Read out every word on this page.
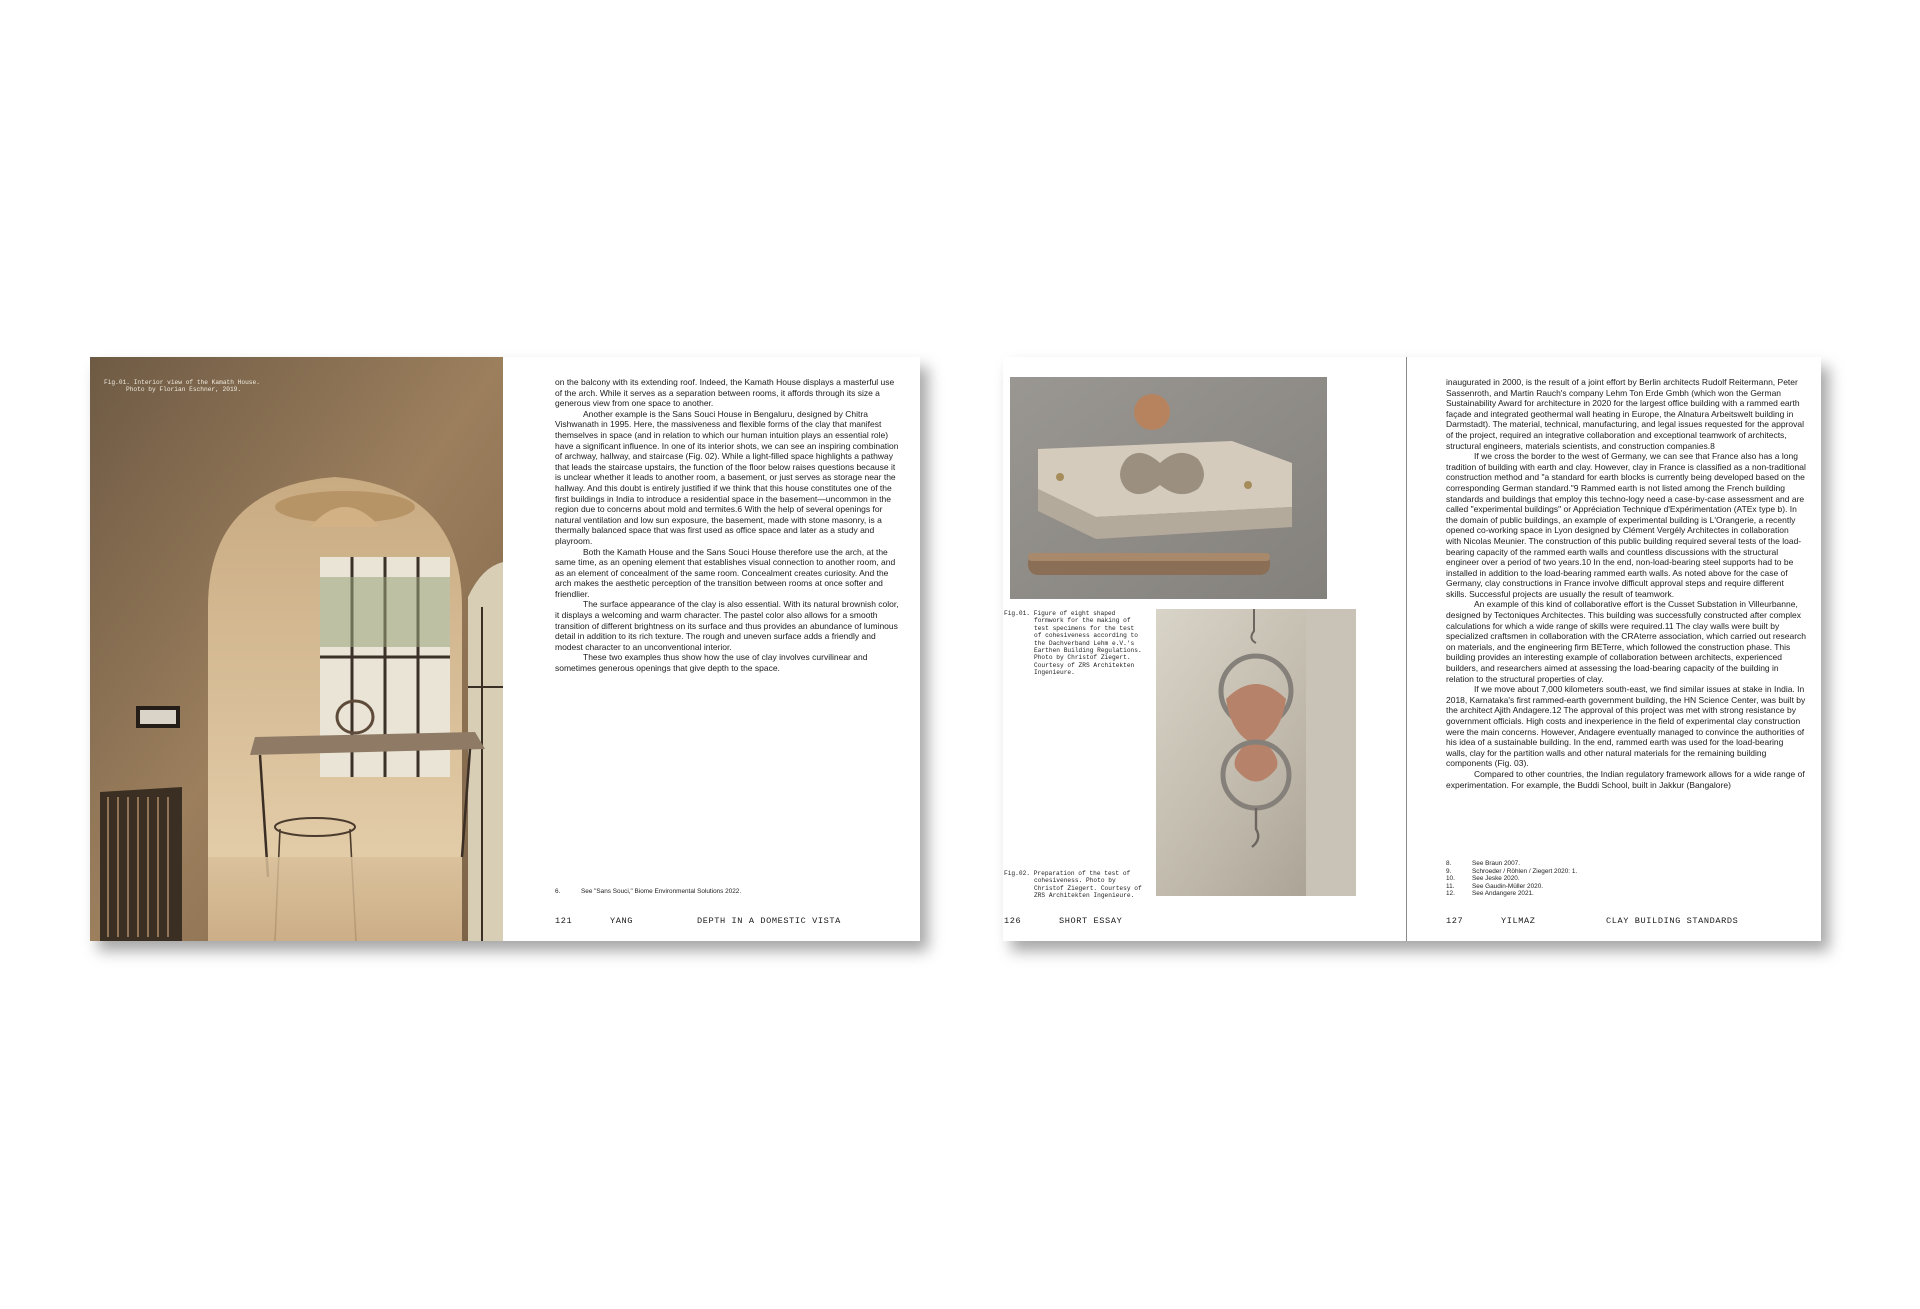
Fig.01. Interior view of the Kamath House.
Photo by Florian Eschner, 2019.

on the balcony with its extending roof. Indeed, the Kamath House displays a masterful use of the arch. While it serves as a separation between rooms, it affords through its size a generous view from one space to another.

Another example is the Sans Souci House in Bengaluru, designed by Chitra Vishwanath in 1995. Here, the massiveness and flexible forms of the clay that manifest themselves in space (and in relation to which our human intuition plays an essential role) have a significant influence. In one of its interior shots, we can see an inspiring combination of archway, hallway, and staircase (Fig. 02). While a light-filled space highlights a pathway that leads the staircase upstairs, the function of the floor below raises questions because it is unclear whether it leads to another room, a basement, or just serves as storage near the hallway. And this doubt is entirely justified if we think that this house constitutes one of the first buildings in India to introduce a residential space in the basement—uncommon in the region due to concerns about mold and termites.6 With the help of several openings for natural ventilation and low sun exposure, the basement, made with stone masonry, is a thermally balanced space that was first used as office space and later as a study and playroom.

Both the Kamath House and the Sans Souci House therefore use the arch, at the same time, as an opening element that establishes visual connection to another room, and as an element of concealment of the same room. Concealment creates curiosity. And the arch makes the aesthetic perception of the transition between rooms at once softer and friendlier.

The surface appearance of the clay is also essential. With its natural brownish color, it displays a welcoming and warm character. The pastel color also allows for a smooth transition of different brightness on its surface and thus provides an abundance of luminous detail in addition to its rich texture. The rough and uneven surface adds a friendly and modest character to an unconventional interior.

These two examples thus show how the use of clay involves curvilinear and sometimes generous openings that give depth to the space.

6.	See "Sans Souci," Biome Environmental Solutions 2022.
121	YANG	DEPTH IN A DOMESTIC VISTA
Fig.01. Figure of eight shaped
formwork for the making of
test specimens for the test
of cohesiveness according to
the Dachverband Lehm e.V.'s
Earthen Building Regulations.
Photo by Christof Ziegert.
Courtesy of ZRS Architekten
Ingenieure.
Fig.02. Preparation of the test of
cohesiveness. Photo by
Christof Ziegert. Courtesy of
ZRS Architekten Ingenieure.
126	SHORT ESSAY

inaugurated in 2000, is the result of a joint effort by Berlin architects Rudolf Reitermann, Peter Sassenroth, and Martin Rauch's company Lehm Ton Erde Gmbh (which won the German Sustainability Award for architecture in 2020 for the largest office building with a rammed earth façade and integrated geothermal wall heating in Europe, the Alnatura Arbeitswelt building in Darmstadt). The material, technical, manufacturing, and legal issues requested for the approval of the project, required an integrative collaboration and exceptional teamwork of architects, structural engineers, materials scientists, and construction companies.8

If we cross the border to the west of Germany, we can see that France also has a long tradition of building with earth and clay. However, clay in France is classified as a non-traditional construction method and "a standard for earth blocks is currently being developed based on the corresponding German standard."9 Rammed earth is not listed among the French building standards and buildings that employ this techno-logy need a case-by-case assessment and are called "experimental buildings" or Appréciation Technique d'Expérimentation (ATEx type b). In the domain of public buildings, an example of experimental building is L'Orangerie, a recently opened co-working space in Lyon designed by Clément Vergély Architectes in collaboration with Nicolas Meunier. The construction of this public building required several tests of the load-bearing capacity of the rammed earth walls and countless discussions with the structural engineer over a period of two years.10 In the end, non-load-bearing steel supports had to be installed in addition to the load-bearing rammed earth walls. As noted above for the case of Germany, clay constructions in France involve difficult approval steps and require different skills. Successful projects are usually the result of teamwork.

An example of this kind of collaborative effort is the Cusset Substation in Villeurbanne, designed by Tectoniques Architectes. This building was successfully constructed after complex calculations for which a wide range of skills were required.11 The clay walls were built by specialized craftsmen in collaboration with the CRAterre association, which carried out research on materials, and the engineering firm BETerre, which followed the construction phase. This building provides an interesting example of collaboration between architects, experienced builders, and researchers aimed at assessing the load-bearing capacity of the building in relation to the structural properties of clay.

If we move about 7,000 kilometers south-east, we find similar issues at stake in India. In 2018, Karnataka's first rammed-earth government building, the HN Science Center, was built by the architect Ajith Andagere.12 The approval of this project was met with strong resistance by government officials. High costs and inexperience in the field of experimental clay construction were the main concerns. However, Andagere eventually managed to convince the authorities of his idea of a sustainable building. In the end, rammed earth was used for the load-bearing walls, clay for the partition walls and other natural materials for the remaining building components (Fig. 03).

Compared to other countries, the Indian regulatory framework allows for a wide range of experimentation. For example, the Buddi School, built in Jakkur (Bangalore)

8.	See Braun 2007.
9.	Schroeder / Röhlen / Ziegert 2020: 1.
10.	See Jeske 2020.
11.	See Gaudin-Müller 2020.
12.	See Andangere 2021.
127	YILMAZ	CLAY BUILDING STANDARDS
